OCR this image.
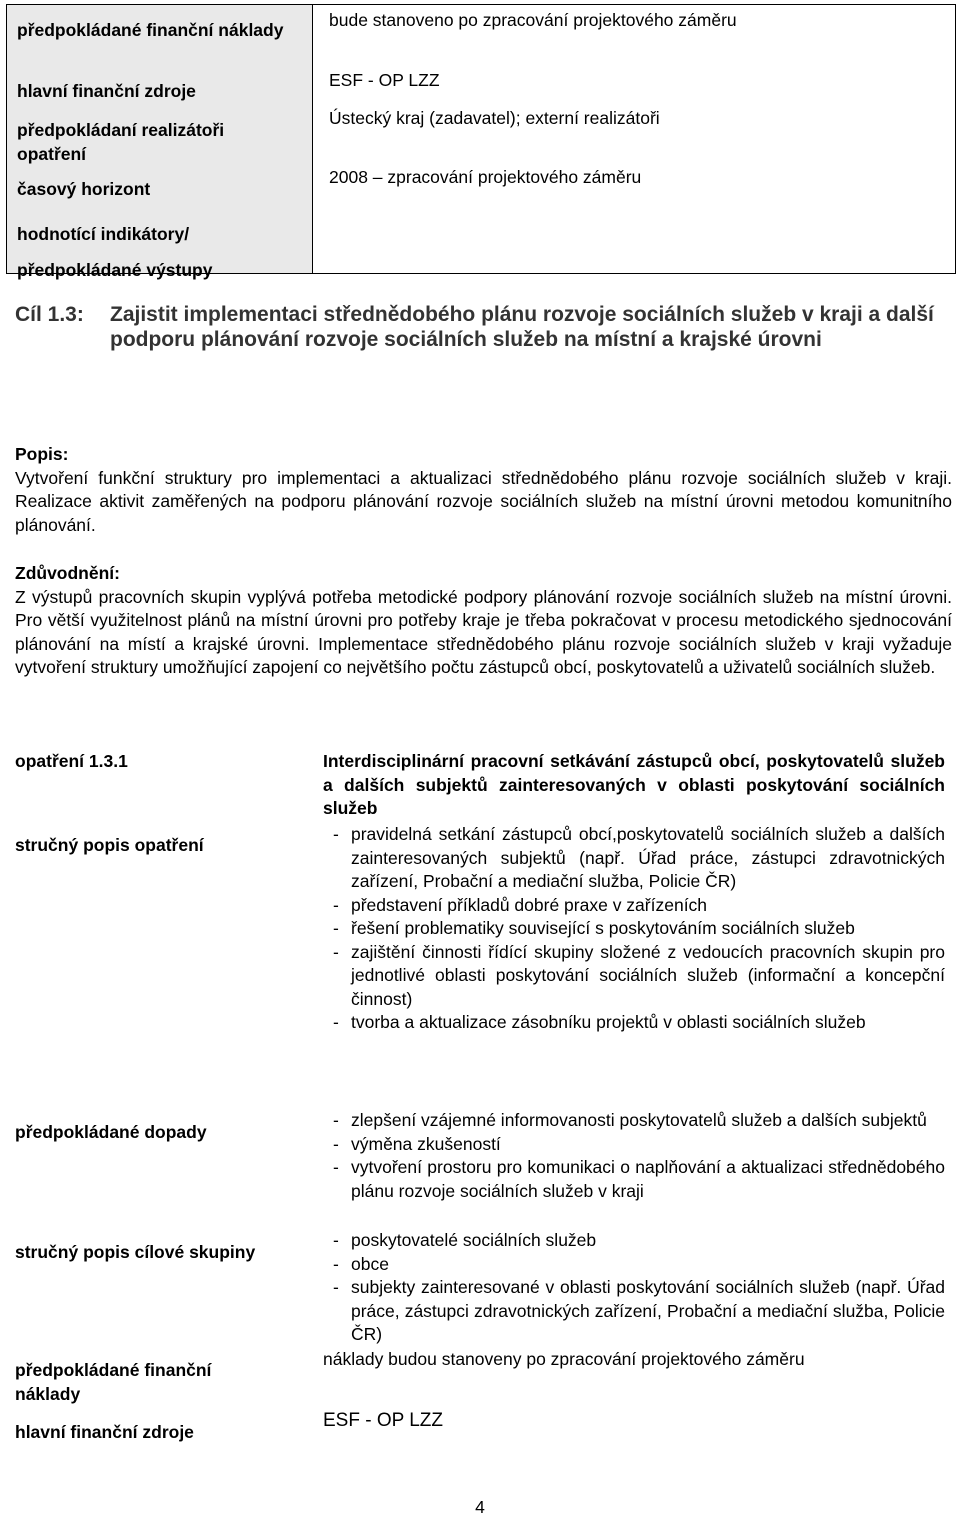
předpokládané finanční náklady
hlavní finanční zdroje
předpokládaní realizátoři opatření
časový horizont
hodnotící indikátory/ předpokládané výstupy
bude stanoveno po zpracování projektového záměru
ESF - OP LZZ
Ústecký kraj (zadavatel); externí realizátoři
2008 – zpracování projektového záměru
Cíl 1.3: Zajistit implementaci střednědobého plánu rozvoje sociálních služeb v kraji a další podporu plánování rozvoje sociálních služeb na místní a krajské úrovni
Popis:

Vytvoření funkční struktury pro implementaci a aktualizaci střednědobého plánu rozvoje sociálních služeb v kraji. Realizace aktivit zaměřených na podporu plánování rozvoje sociálních služeb na místní úrovni metodou komunitního plánování.

Zdůvodnění:

Z výstupů pracovních skupin vyplývá potřeba metodické podpory plánování rozvoje sociálních služeb na místní úrovni. Pro větší využitelnost plánů na místní úrovni pro potřeby kraje je třeba pokračovat v procesu metodického sjednocování plánování na místí a krajské úrovni. Implementace střednědobého plánu rozvoje sociálních služeb v kraji vyžaduje vytvoření struktury umožňující zapojení co největšího počtu zástupců obcí, poskytovatelů a uživatelů sociálních služeb.

opatření 1.3.1	Interdisciplinární pracovní setkávání zástupců obcí, poskytovatelů služeb a dalších subjektů zainteresovaných v oblasti poskytování sociálních služeb
stručný popis opatření
- pravidelná setkání zástupců obcí,poskytovatelů sociálních služeb a dalších zainteresovaných subjektů (např. Úřad práce, zástupci zdravotnických zařízení, Probační a mediační služba, Policie ČR)
- představení příkladů dobré praxe v zařízeních
- řešení problematiky související s poskytováním sociálních služeb
- zajištění činnosti řídící skupiny složené z vedoucích pracovních skupin pro jednotlivé oblasti poskytování sociálních služeb (informační a koncepční činnost)
- tvorba a aktualizace zásobníku projektů v oblasti sociálních služeb
předpokládané dopady
- zlepšení vzájemné informovanosti poskytovatelů služeb a dalších subjektů
- výměna zkušeností
- vytvoření prostoru pro komunikaci o naplňování a aktualizaci střednědobého plánu rozvoje sociálních služeb v kraji
stručný popis cílové skupiny
- poskytovatelé sociálních služeb
- obce
- subjekty zainteresované v oblasti poskytování sociálních služeb (např. Úřad práce, zástupci zdravotnických zařízení, Probační a mediační služba, Policie ČR)
předpokládané finanční náklady
náklady budou stanoveny po zpracování projektového záměru
hlavní finanční zdroje
ESF - OP LZZ
4
